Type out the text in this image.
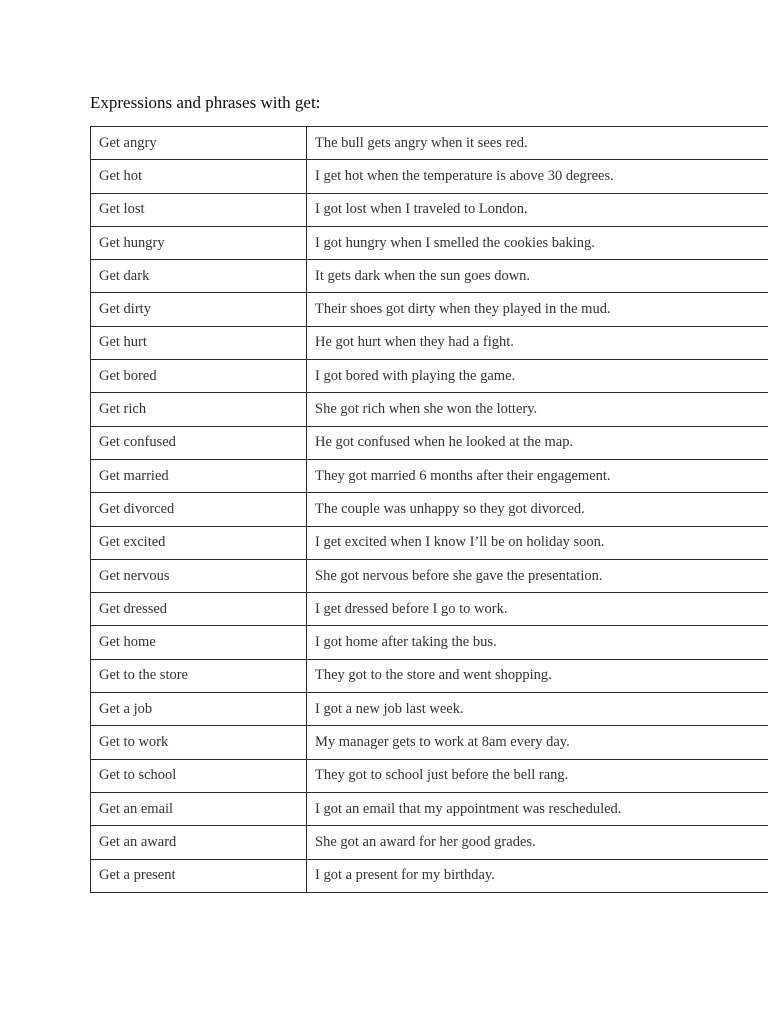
Expressions and phrases with get:
Get angry	The bull gets angry when it sees red.
Get hot	I get hot when the temperature is above 30 degrees.
Get lost	I got lost when I traveled to London.
Get hungry	I got hungry when I smelled the cookies baking.
Get dark	It gets dark when the sun goes down.
Get dirty	Their shoes got dirty when they played in the mud.
Get hurt	He got hurt when they had a fight.
Get bored	I got bored with playing the game.
Get rich	She got rich when she won the lottery.
Get confused	He got confused when he looked at the map.
Get married	They got married 6 months after their engagement.
Get divorced	The couple was unhappy so they got divorced.
Get excited	I get excited when I know I’ll be on holiday soon.
Get nervous	She got nervous before she gave the presentation.
Get dressed	I get dressed before I go to work.
Get home	I got home after taking the bus.
Get to the store	They got to the store and went shopping.
Get a job	I got a new job last week.
Get to work	My manager gets to work at 8am every day.
Get to school	They got to school just before the bell rang.
Get an email	I got an email that my appointment was rescheduled.
Get an award	She got an award for her good grades.
Get a present	I got a present for my birthday.
